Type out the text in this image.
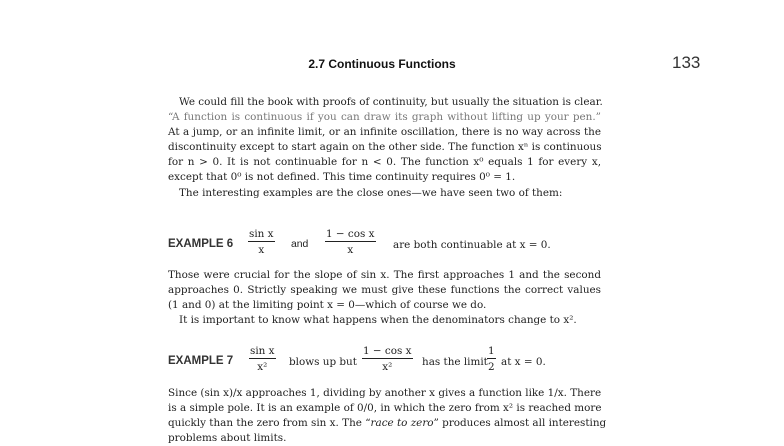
2.7 Continuous Functions	133
We could fill the book with proofs of continuity, but usually the situation is clear.
“A function is continuous if you can draw its graph without lifting up your pen.”
At a jump, or an infinite limit, or an infinite oscillation, there is no way across the
discontinuity except to start again on the other side. The function xⁿ is continuous
for n > 0. It is not continuable for n < 0. The function x⁰ equals 1 for every x,
except that 0⁰ is not defined. This time continuity requires 0⁰ = 1.
The interesting examples are the close ones—we have seen two of them:
EXAMPLE $6 \frac{\text{sin x}}{x}$ and $\frac{\text{1 − cos x}}{x}$ are both continuable at x = 0.
Those were crucial for the slope of sin x. The first approaches 1 and the second
approaches 0. Strictly speaking we must give these functions the correct values
(1 and 0) at the limiting point x = 0—which of course we do.
It is important to know what happens when the denominators change to x².
EXAMPLE $7 \frac{\text{sin x}}{\text{x²}}$ blows up but $\frac{\text{1 − cos x}}{\text{x²}}$ has the limit $\frac{1}{2}$ at x = 0.
Since (sin x)/x approaches 1, dividing by another x gives a function like 1/x. There
is a simple pole. It is an example of 0/0, in which the zero from x² is reached more
quickly than the zero from sin x. The “race to zero” produces almost all interesting
problems about limits.
